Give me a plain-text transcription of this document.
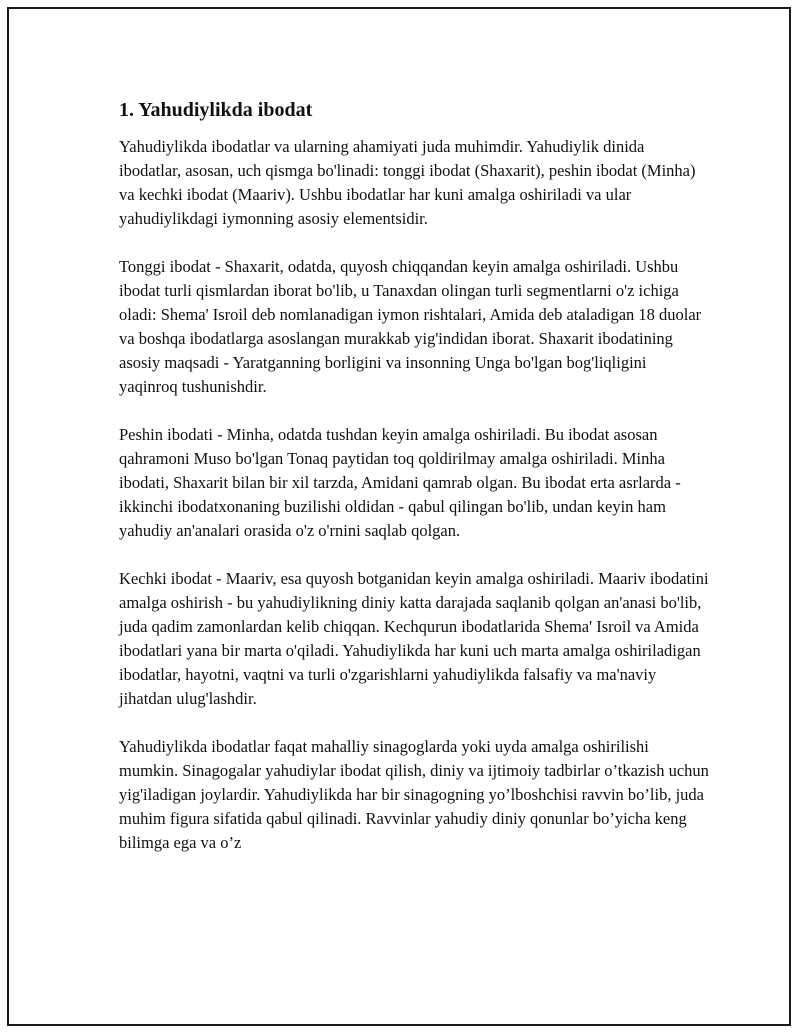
1. Yahudiylikda ibodat

Yahudiylikda ibodatlar va ularning ahamiyati juda muhimdir. Yahudiylik dinida ibodatlar, asosan, uch qismga bo'linadi: tonggi ibodat (Shaxarit), peshin ibodat (Minha) va kechki ibodat (Maariv). Ushbu ibodatlar har kuni amalga oshiriladi va ular yahudiylikdagi iymonning asosiy elementsidir.

Tonggi ibodat - Shaxarit, odatda, quyosh chiqqandan keyin amalga oshiriladi. Ushbu ibodat turli qismlardan iborat bo'lib, u Tanaxdan olingan turli segmentlarni o'z ichiga oladi: Shema' Isroil deb nomlanadigan iymon rishtalari, Amida deb ataladigan 18 duolar va boshqa ibodatlarga asoslangan murakkab yig'indidan iborat. Shaxarit ibodatining asosiy maqsadi - Yaratganning borligini va insonning Unga bo'lgan bog'liqligini yaqinroq tushunishdir.

Peshin ibodati - Minha, odatda tushdan keyin amalga oshiriladi. Bu ibodat asosan qahramoni Muso bo'lgan Tonaq paytidan toq qoldirilmay amalga oshiriladi. Minha ibodati, Shaxarit bilan bir xil tarzda, Amidani qamrab olgan. Bu ibodat erta asrlarda - ikkinchi ibodatxonaning buzilishi oldidan - qabul qilingan bo'lib, undan keyin ham yahudiy an'analari orasida o'z o'rnini saqlab qolgan.

Kechki ibodat - Maariv, esa quyosh botganidan keyin amalga oshiriladi. Maariv ibodatini amalga oshirish - bu yahudiylikning diniy katta darajada saqlanib qolgan an'anasi bo'lib, juda qadim zamonlardan kelib chiqqan. Kechqurun ibodatlarida Shema' Isroil va Amida ibodatlari yana bir marta o'qiladi. Yahudiylikda har kuni uch marta amalga oshiriladigan ibodatlar, hayotni, vaqtni va turli o'zgarishlarni yahudiylikda falsafiy va ma'naviy jihatdan ulug'lashdir.

Yahudiylikda ibodatlar faqat mahalliy sinagoglarda yoki uyda amalga oshirilishi mumkin. Sinagogalar yahudiylar ibodat qilish, diniy va ijtimoiy tadbirlar o’tkazish uchun yig'iladigan joylardir. Yahudiylikda har bir sinagogning yo’lboshchisi ravvin bo’lib, juda muhim figura sifatida qabul qilinadi. Ravvinlar yahudiy diniy qonunlar bo’yicha keng bilimga ega va o’z
